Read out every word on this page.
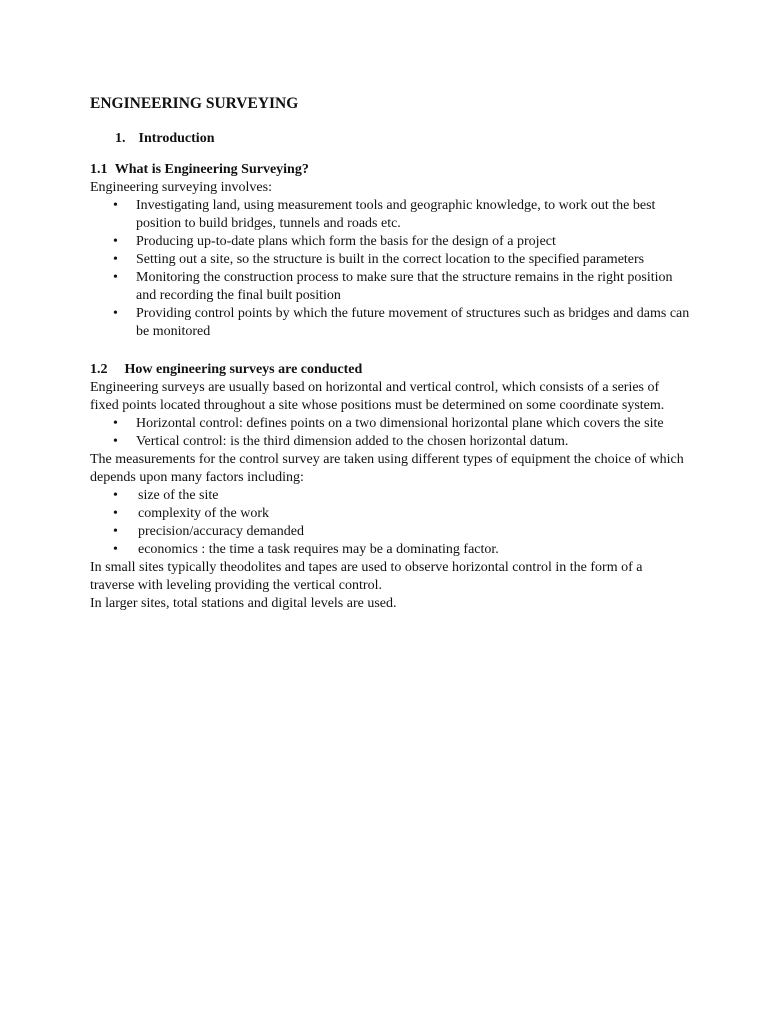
ENGINEERING SURVEYING
1. Introduction
1.1 What is Engineering Surveying?

Engineering surveying involves:

• Investigating land, using measurement tools and geographic knowledge, to work out the best position to build bridges, tunnels and roads etc.
• Producing up-to-date plans which form the basis for the design of a project
• Setting out a site, so the structure is built in the correct location to the specified parameters
• Monitoring the construction process to make sure that the structure remains in the right position and recording the final built position
• Providing control points by which the future movement of structures such as bridges and dams can be monitored
1.2 How engineering surveys are conducted

Engineering surveys are usually based on horizontal and vertical control, which consists of a series of fixed points located throughout a site whose positions must be determined on some coordinate system.

• Horizontal control: defines points on a two dimensional horizontal plane which covers the site
• Vertical control: is the third dimension added to the chosen horizontal datum.

The measurements for the control survey are taken using different types of equipment the choice of which depends upon many factors including:

• size of the site
• complexity of the work
• precision/accuracy demanded
• economics : the time a task requires may be a dominating factor.

In small sites typically theodolites and tapes are used to observe horizontal control in the form of a traverse with leveling providing the vertical control.

In larger sites, total stations and digital levels are used.
